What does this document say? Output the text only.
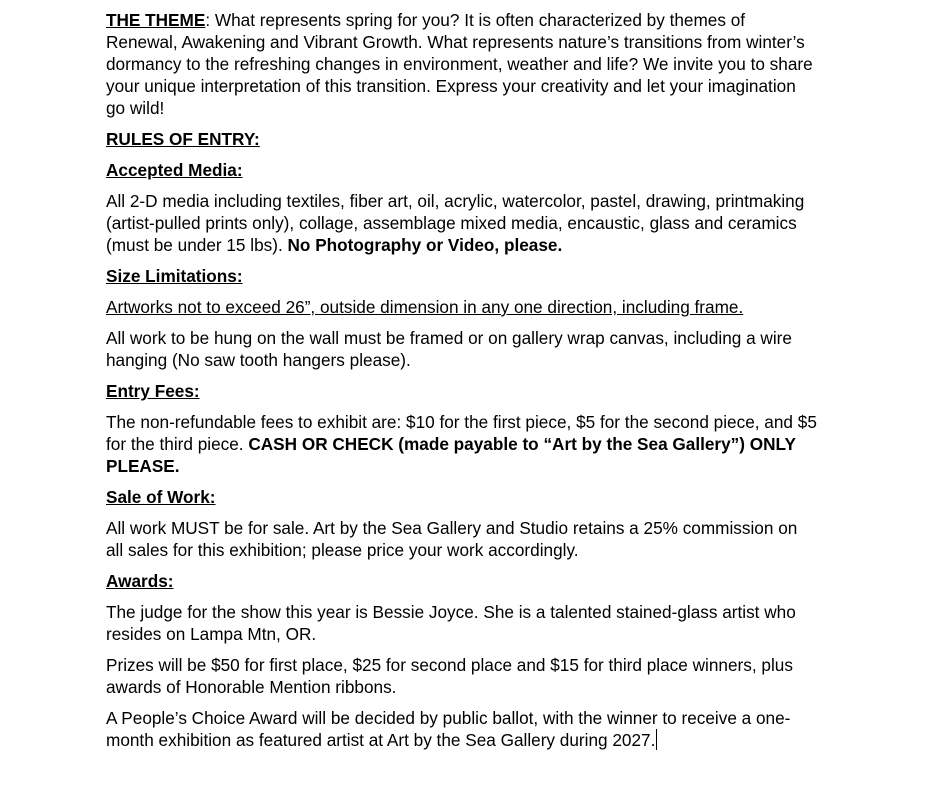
THE THEME: What represents spring for you? It is often characterized by themes of Renewal, Awakening and Vibrant Growth. What represents nature’s transitions from winter’s dormancy to the refreshing changes in environment, weather and life? We invite you to share your unique interpretation of this transition. Express your creativity and let your imagination go wild!

RULES OF ENTRY:

Accepted Media:

All 2-D media including textiles, fiber art, oil, acrylic, watercolor, pastel, drawing, printmaking (artist-pulled prints only), collage, assemblage mixed media, encaustic, glass and ceramics (must be under 15 lbs). No Photography or Video, please.

Size Limitations:

Artworks not to exceed 26”, outside dimension in any one direction, including frame.

All work to be hung on the wall must be framed or on gallery wrap canvas, including a wire hanging (No saw tooth hangers please).

Entry Fees:

The non-refundable fees to exhibit are: $10 for the first piece, $5 for the second piece, and $5 for the third piece. CASH OR CHECK (made payable to “Art by the Sea Gallery”) ONLY PLEASE.

Sale of Work:

All work MUST be for sale. Art by the Sea Gallery and Studio retains a 25% commission on all sales for this exhibition; please price your work accordingly.

Awards:

The judge for the show this year is Bessie Joyce. She is a talented stained-glass artist who resides on Lampa Mtn, OR.

Prizes will be $50 for first place, $25 for second place and $15 for third place winners, plus awards of Honorable Mention ribbons.

A People’s Choice Award will be decided by public ballot, with the winner to receive a one-month exhibition as featured artist at Art by the Sea Gallery during 2027.
